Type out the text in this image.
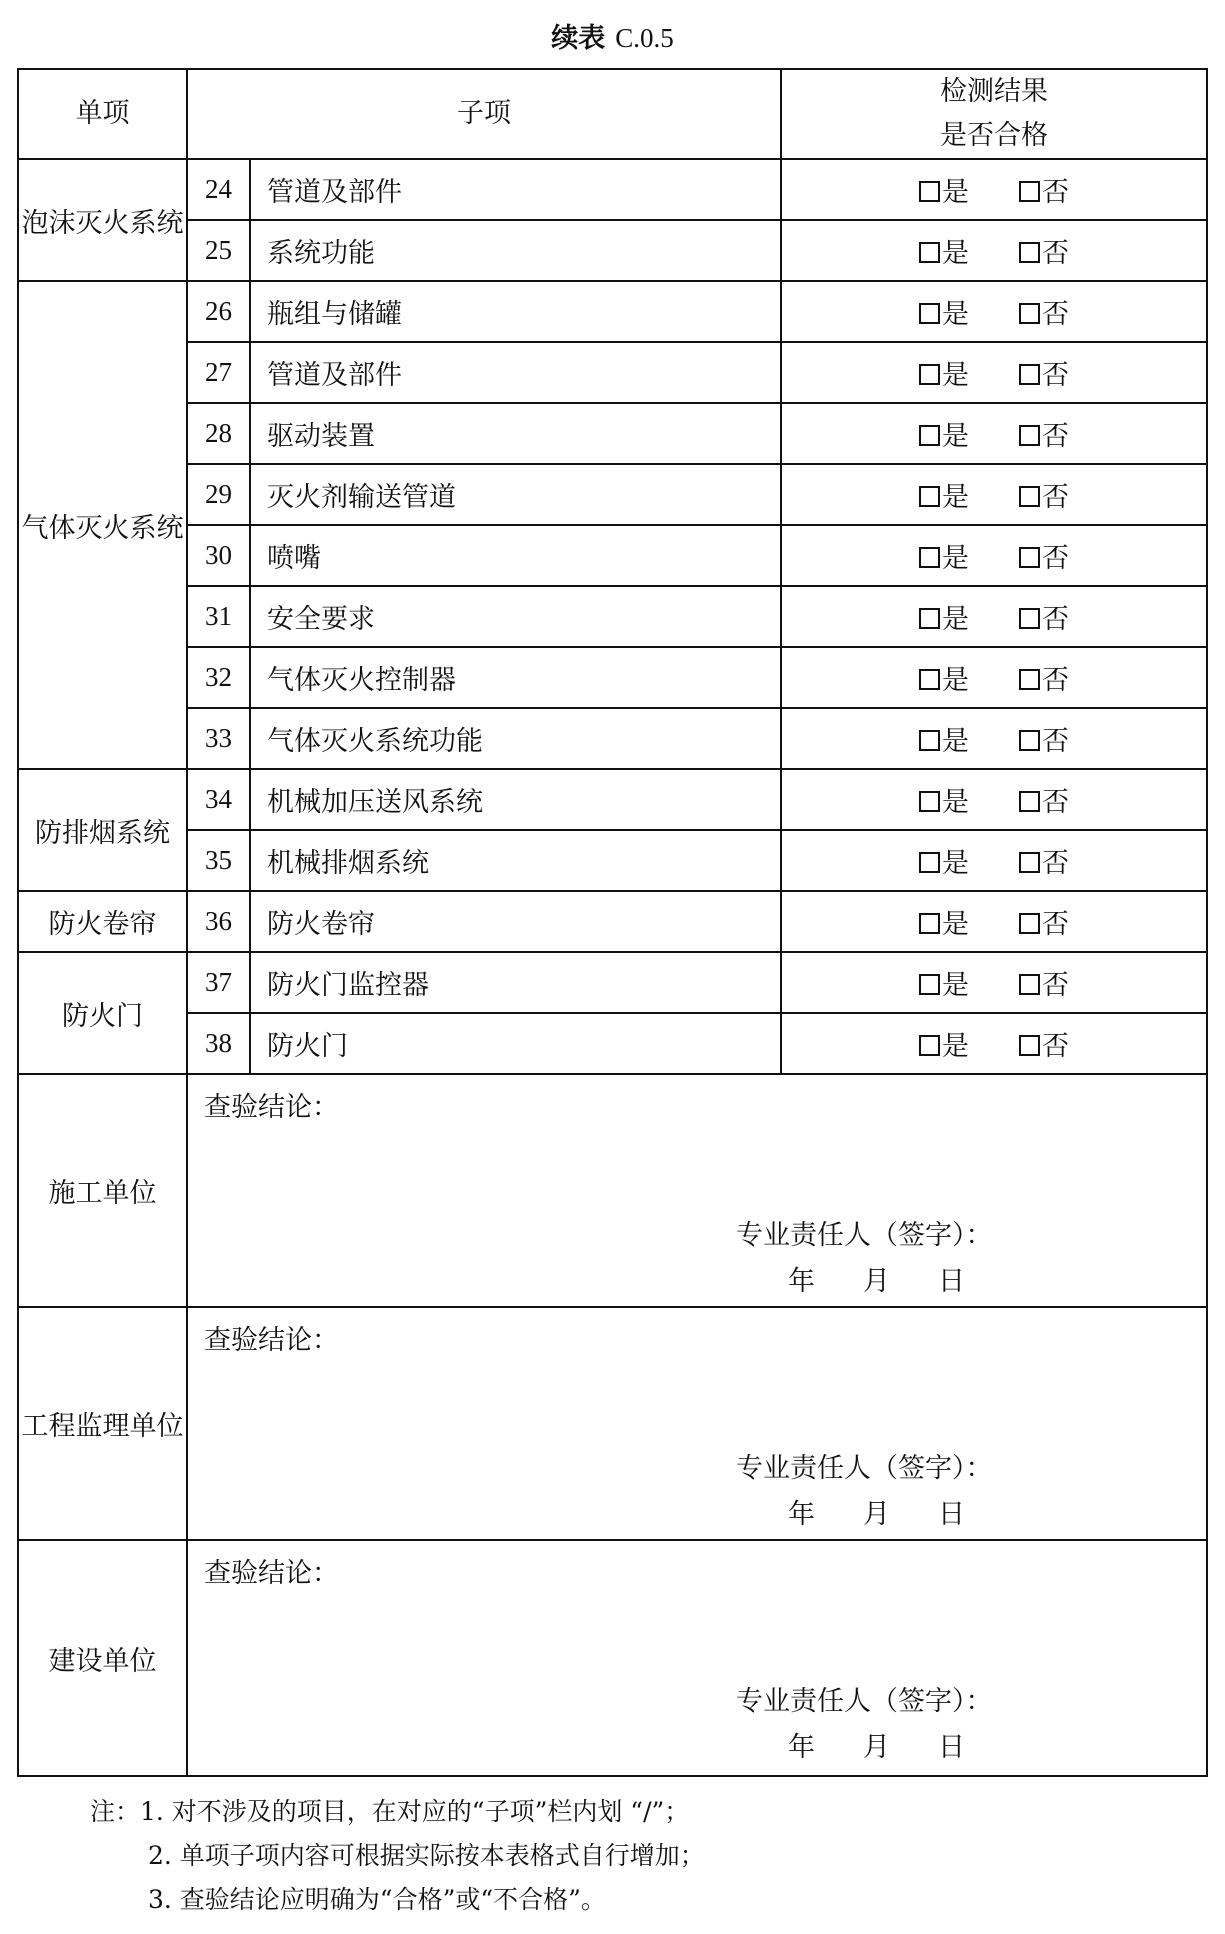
续表 C.0.5
单项	子项		检测结果
是否合格

泡沫灭火系统	24	管道及部件	是 否
	25	系统功能	是 否
气体灭火系统	26	瓶组与储罐	是 否
	27	管道及部件	是 否
	28	驱动装置	是 否
	29	灭火剂输送管道	是 否
	30	喷嘴	是 否
	31	安全要求	是 否
	32	气体灭火控制器	是 否
	33	气体灭火系统功能	是 否
防排烟系统	34	机械加压送风系统	是 否
	35	机械排烟系统	是 否
防火卷帘	36	防火卷帘	是 否
防火门	37	防火门监控器	是 否
	38	防火门	是 否
施工单位	查验结论：
专业责任人（签字）：
年 月 日		

工程监理单位	查验结论：
专业责任人（签字）：
年 月 日		

建设单位	查验结论：
专业责任人（签字）：
年 月 日		
注：1. 对不涉及的项目，在对应的“子项”栏内划 “/”；
2. 单项子项内容可根据实际按本表格式自行增加；
3. 查验结论应明确为“合格”或“不合格”。
